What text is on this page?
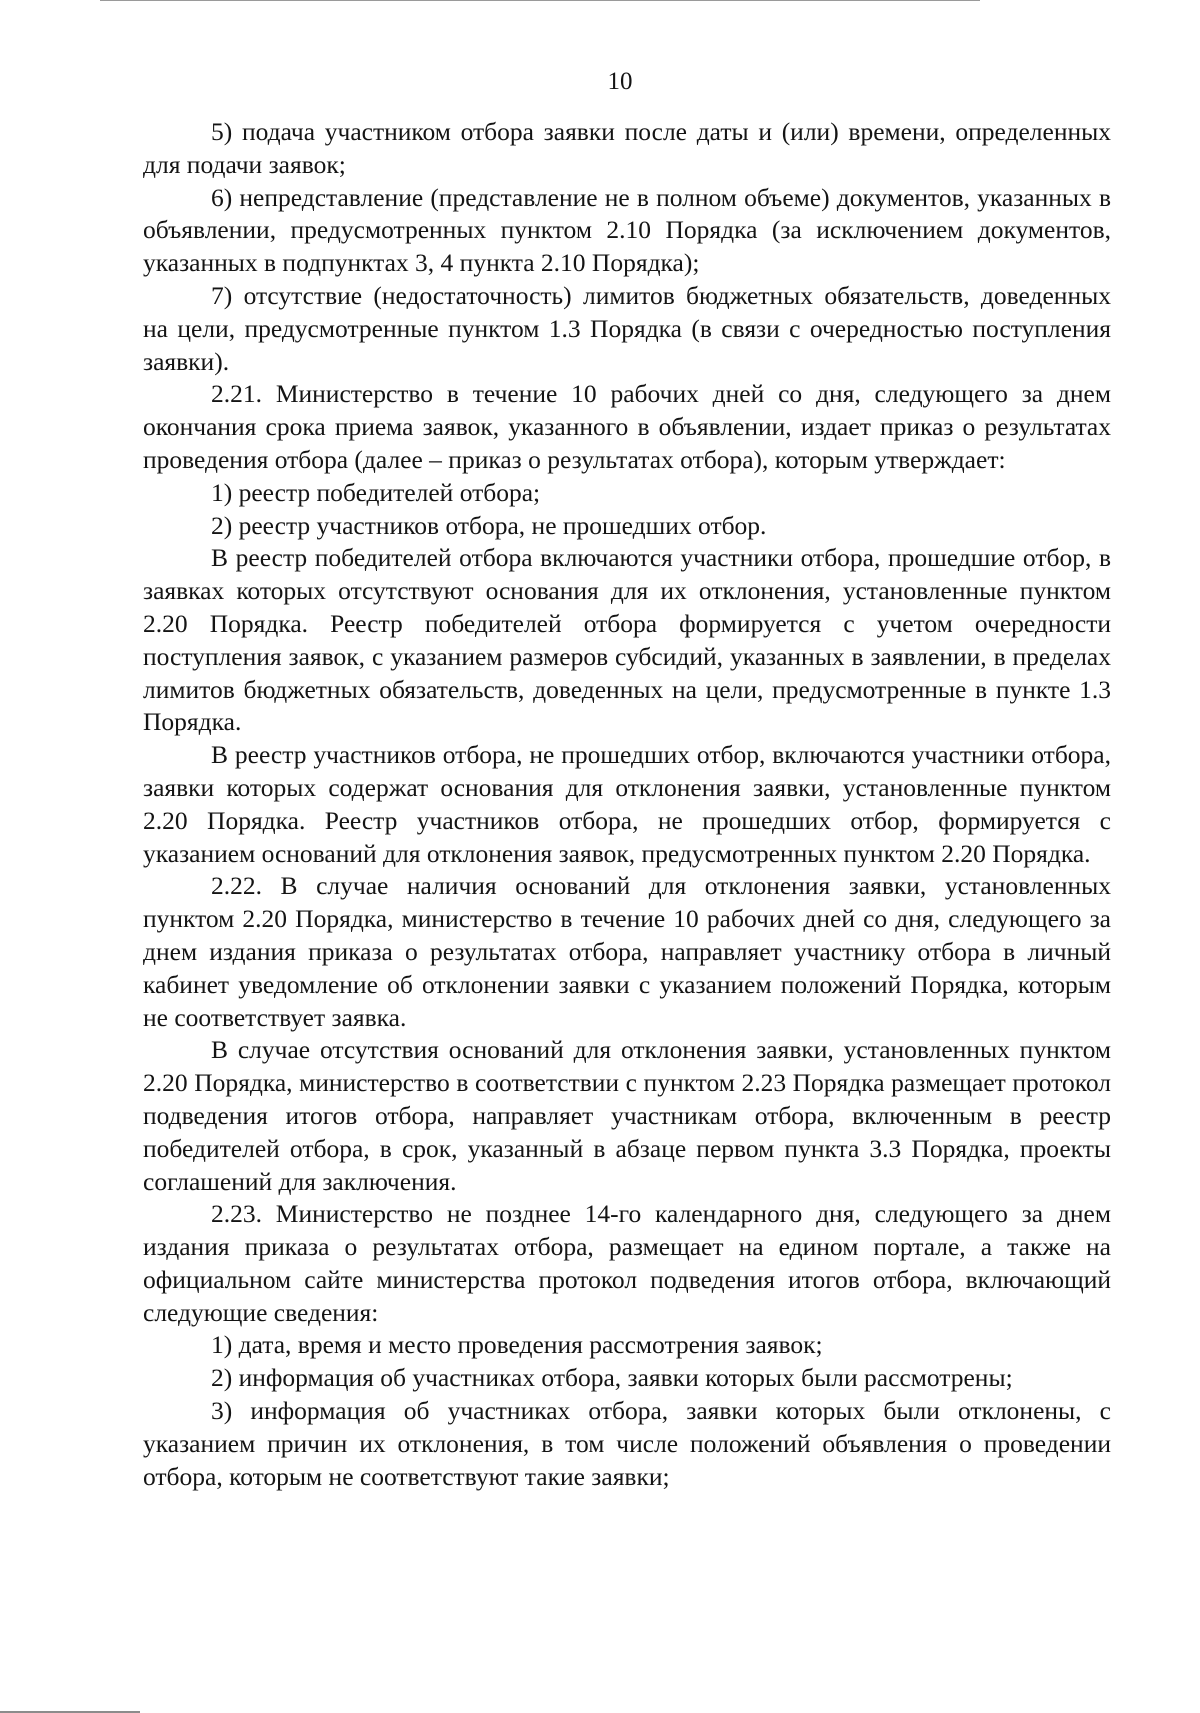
10

5) подача участником отбора заявки после даты и (или) времени, определенных для подачи заявок;

6) непредставление (представление не в полном объеме) документов, указанных в объявлении, предусмотренных пунктом 2.10 Порядка (за исключением документов, указанных в подпунктах 3, 4 пункта 2.10 Порядка);

7) отсутствие (недостаточность) лимитов бюджетных обязательств, доведенных на цели, предусмотренные пунктом 1.3 Порядка (в связи с очередностью поступления заявки).

2.21. Министерство в течение 10 рабочих дней со дня, следующего за днем окончания срока приема заявок, указанного в объявлении, издает приказ о результатах проведения отбора (далее – приказ о результатах отбора), которым утверждает:

1) реестр победителей отбора;

2) реестр участников отбора, не прошедших отбор.

В реестр победителей отбора включаются участники отбора, прошедшие отбор, в заявках которых отсутствуют основания для их отклонения, установленные пунктом 2.20 Порядка. Реестр победителей отбора формируется с учетом очередности поступления заявок, с указанием размеров субсидий, указанных в заявлении, в пределах лимитов бюджетных обязательств, доведенных на цели, предусмотренные в пункте 1.3 Порядка.

В реестр участников отбора, не прошедших отбор, включаются участники отбора, заявки которых содержат основания для отклонения заявки, установленные пунктом 2.20 Порядка. Реестр участников отбора, не прошедших отбор, формируется с указанием оснований для отклонения заявок, предусмотренных пунктом 2.20 Порядка.

2.22. В случае наличия оснований для отклонения заявки, установленных пунктом 2.20 Порядка, министерство в течение 10 рабочих дней со дня, следующего за днем издания приказа о результатах отбора, направляет участнику отбора в личный кабинет уведомление об отклонении заявки с указанием положений Порядка, которым не соответствует заявка.

В случае отсутствия оснований для отклонения заявки, установленных пунктом 2.20 Порядка, министерство в соответствии с пунктом 2.23 Порядка размещает протокол подведения итогов отбора, направляет участникам отбора, включенным в реестр победителей отбора, в срок, указанный в абзаце первом пункта 3.3 Порядка, проекты соглашений для заключения.

2.23. Министерство не позднее 14-го календарного дня, следующего за днем издания приказа о результатах отбора, размещает на едином портале, а также на официальном сайте министерства протокол подведения итогов отбора, включающий следующие сведения:

1) дата, время и место проведения рассмотрения заявок;

2) информация об участниках отбора, заявки которых были рассмотрены;

3) информация об участниках отбора, заявки которых были отклонены, с указанием причин их отклонения, в том числе положений объявления о проведении отбора, которым не соответствуют такие заявки;
